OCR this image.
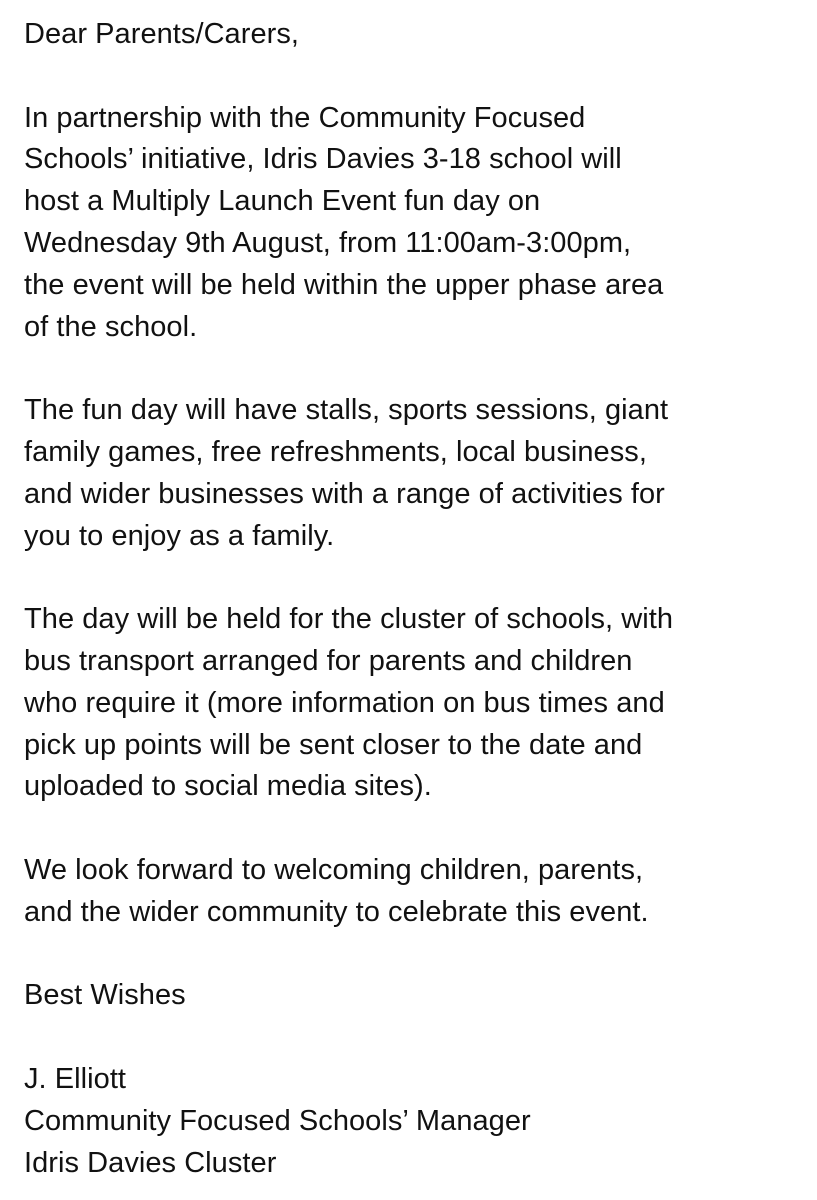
Dear Parents/Carers,
In partnership with the Community Focused
Schools’ initiative, Idris Davies 3-18 school will
host a Multiply Launch Event fun day on
Wednesday 9th August, from 11:00am-3:00pm,
the event will be held within the upper phase area
of the school.
The fun day will have stalls, sports sessions, giant
family games, free refreshments, local business,
and wider businesses with a range of activities for
you to enjoy as a family.
The day will be held for the cluster of schools, with
bus transport arranged for parents and children
who require it (more information on bus times and
pick up points will be sent closer to the date and
uploaded to social media sites).
We look forward to welcoming children, parents,
and the wider community to celebrate this event.
Best Wishes
J. Elliott
Community Focused Schools’ Manager
Idris Davies Cluster
